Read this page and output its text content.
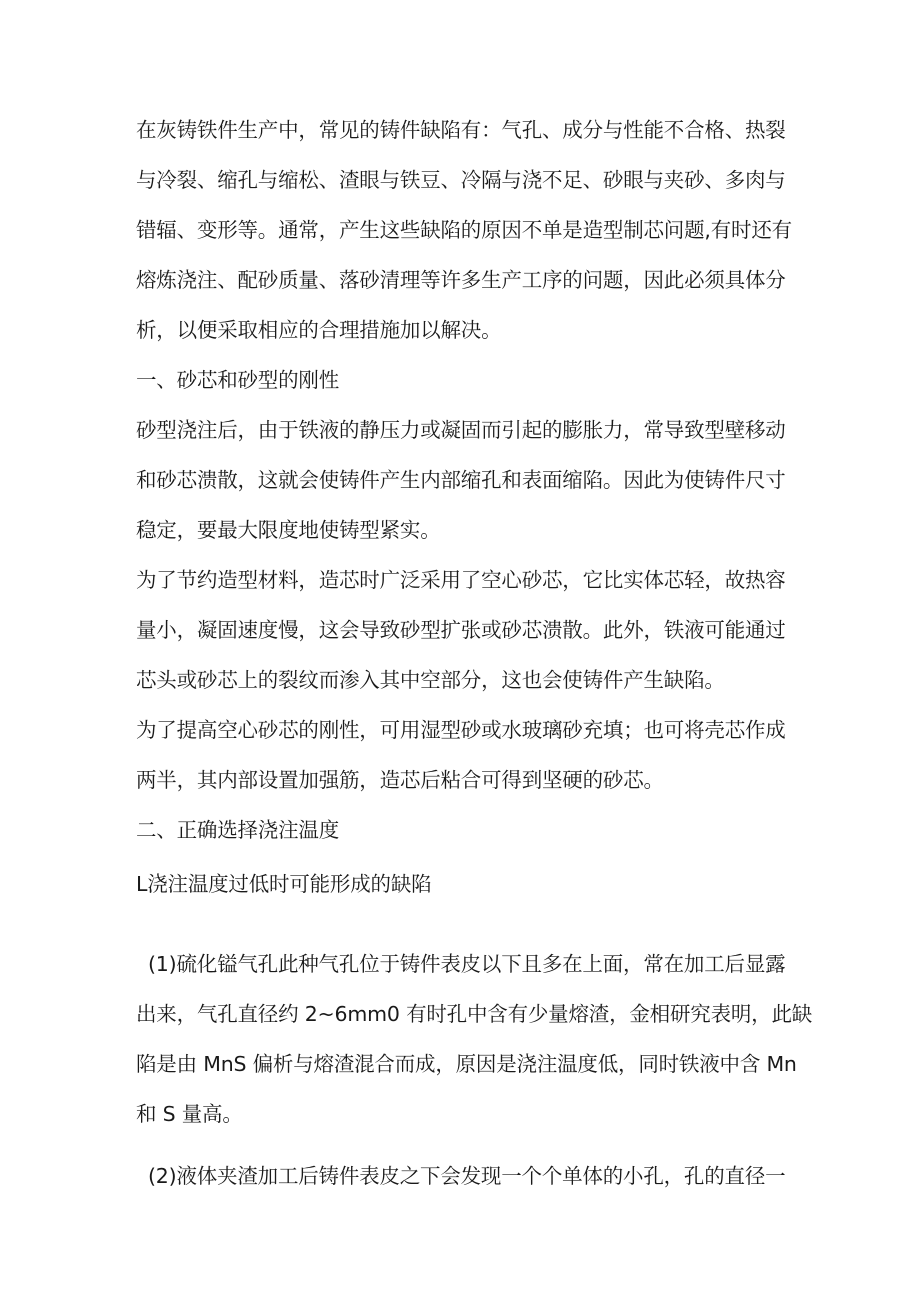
在灰铸铁件生产中，常见的铸件缺陷有：气孔、成分与性能不合格、热裂
与冷裂、缩孔与缩松、渣眼与铁豆、冷隔与浇不足、砂眼与夹砂、多肉与
错辐、变形等。通常，产生这些缺陷的原因不单是造型制芯问题,有时还有
熔炼浇注、配砂质量、落砂清理等许多生产工序的问题，因此必须具体分
析，以便采取相应的合理措施加以解决。
一、砂芯和砂型的刚性
砂型浇注后，由于铁液的静压力或凝固而引起的膨胀力，常导致型壁移动
和砂芯溃散，这就会使铸件产生内部缩孔和表面缩陷。因此为使铸件尺寸
稳定，要最大限度地使铸型紧实。
为了节约造型材料，造芯时广泛采用了空心砂芯，它比实体芯轻，故热容
量小，凝固速度慢，这会导致砂型扩张或砂芯溃散。此外，铁液可能通过
芯头或砂芯上的裂纹而渗入其中空部分，这也会使铸件产生缺陷。
为了提高空心砂芯的刚性，可用湿型砂或水玻璃砂充填；也可将壳芯作成
两半，其内部设置加强筋，造芯后粘合可得到坚硬的砂芯。
二、正确选择浇注温度
L浇注温度过低时可能形成的缺陷
(1)硫化镒气孔此种气孔位于铸件表皮以下且多在上面，常在加工后显露
出来，气孔直径约 2~6mm0 有时孔中含有少量熔渣，金相研究表明，此缺
陷是由 MnS 偏析与熔渣混合而成，原因是浇注温度低，同时铁液中含 Mn
和 S 量高。
(2)液体夹渣加工后铸件表皮之下会发现一个个单体的小孔，孔的直径一
